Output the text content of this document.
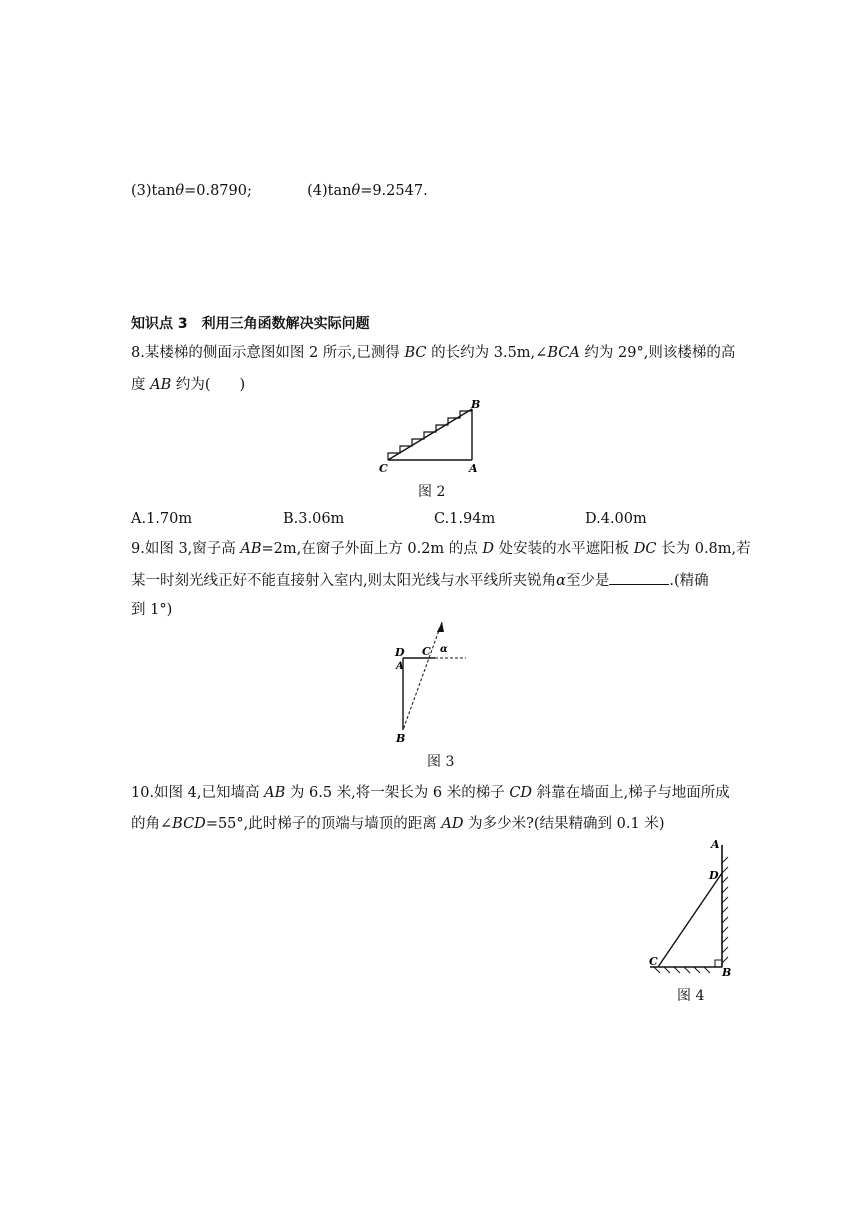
(3)tanθ=0.8790;	(4)tanθ=9.2547.
知识点 3　利用三角函数解决实际问题
8.某楼梯的侧面示意图如图 2 所示,已测得 BC 的长约为 3.5m,∠BCA 约为 29°,则该楼梯的高
度 AB 约为(　　)
B
C	A
图 2
A.1.70m	B.3.06m	C.1.94m	D.4.00m
9.如图 3,窗子高 AB=2m,在窗子外面上方 0.2m 的点 D 处安装的水平遮阳板 DC 长为 0.8m,若
某一时刻光线正好不能直接射入室内,则太阳光线与水平线所夹锐角α至少是	.(精确
到 1°)
D C α
A
B
图 3
10.如图 4,已知墙高 AB 为 6.5 米,将一架长为 6 米的梯子 CD 斜靠在墙面上,梯子与地面所成
的角∠BCD=55°,此时梯子的顶端与墙顶的距离 AD 为多少米?(结果精确到 0.1 米)
A
D
C
B
图 4
